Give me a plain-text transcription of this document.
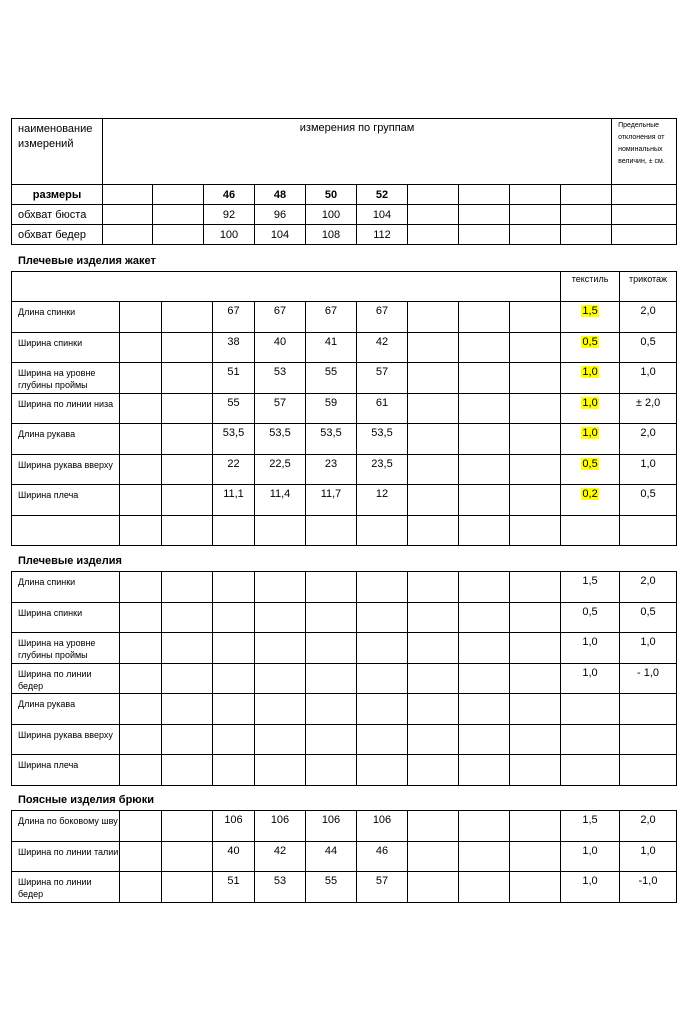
наименование измерений	измерения по группам										Предельные отклонения от номинальных величин, ± см.
размеры			46	48	50	52					
обхват бюста			92	96	100	104					
обхват бедер			100	104	108	112					
Плечевые изделия жакет
										текстиль	трикотаж
Длина спинки			67	67	67	67				1,5	2,0
Ширина спинки			38	40	41	42				0,5	0,5
Ширина на уровне глубины проймы			51	53	55	57				1,0	1,0
Ширина по линии низа			55	57	59	61				1,0	± 2,0
Длина рукава			53,5	53,5	53,5	53,5				1,0	2,0
Ширина рукава вверху			22	22,5	23	23,5				0,5	1,0
Ширина плеча			11,1	11,4	11,7	12				0,2	0,5

Плечевые изделия
Длина спинки										1,5	2,0
Ширина спинки										0,5	0,5
Ширина на уровне глубины проймы										1,0	1,0
Ширина по линии бедер										1,0	- 1,0
Длина рукава											
Ширина рукава вверху											
Ширина плеча											
Поясные изделия брюки
Длина по боковому шву			106	106	106	106				1,5	2,0
Ширина по линии талии			40	42	44	46				1,0	1,0
Ширина по линии бедер			51	53	55	57				1,0	-1,0
